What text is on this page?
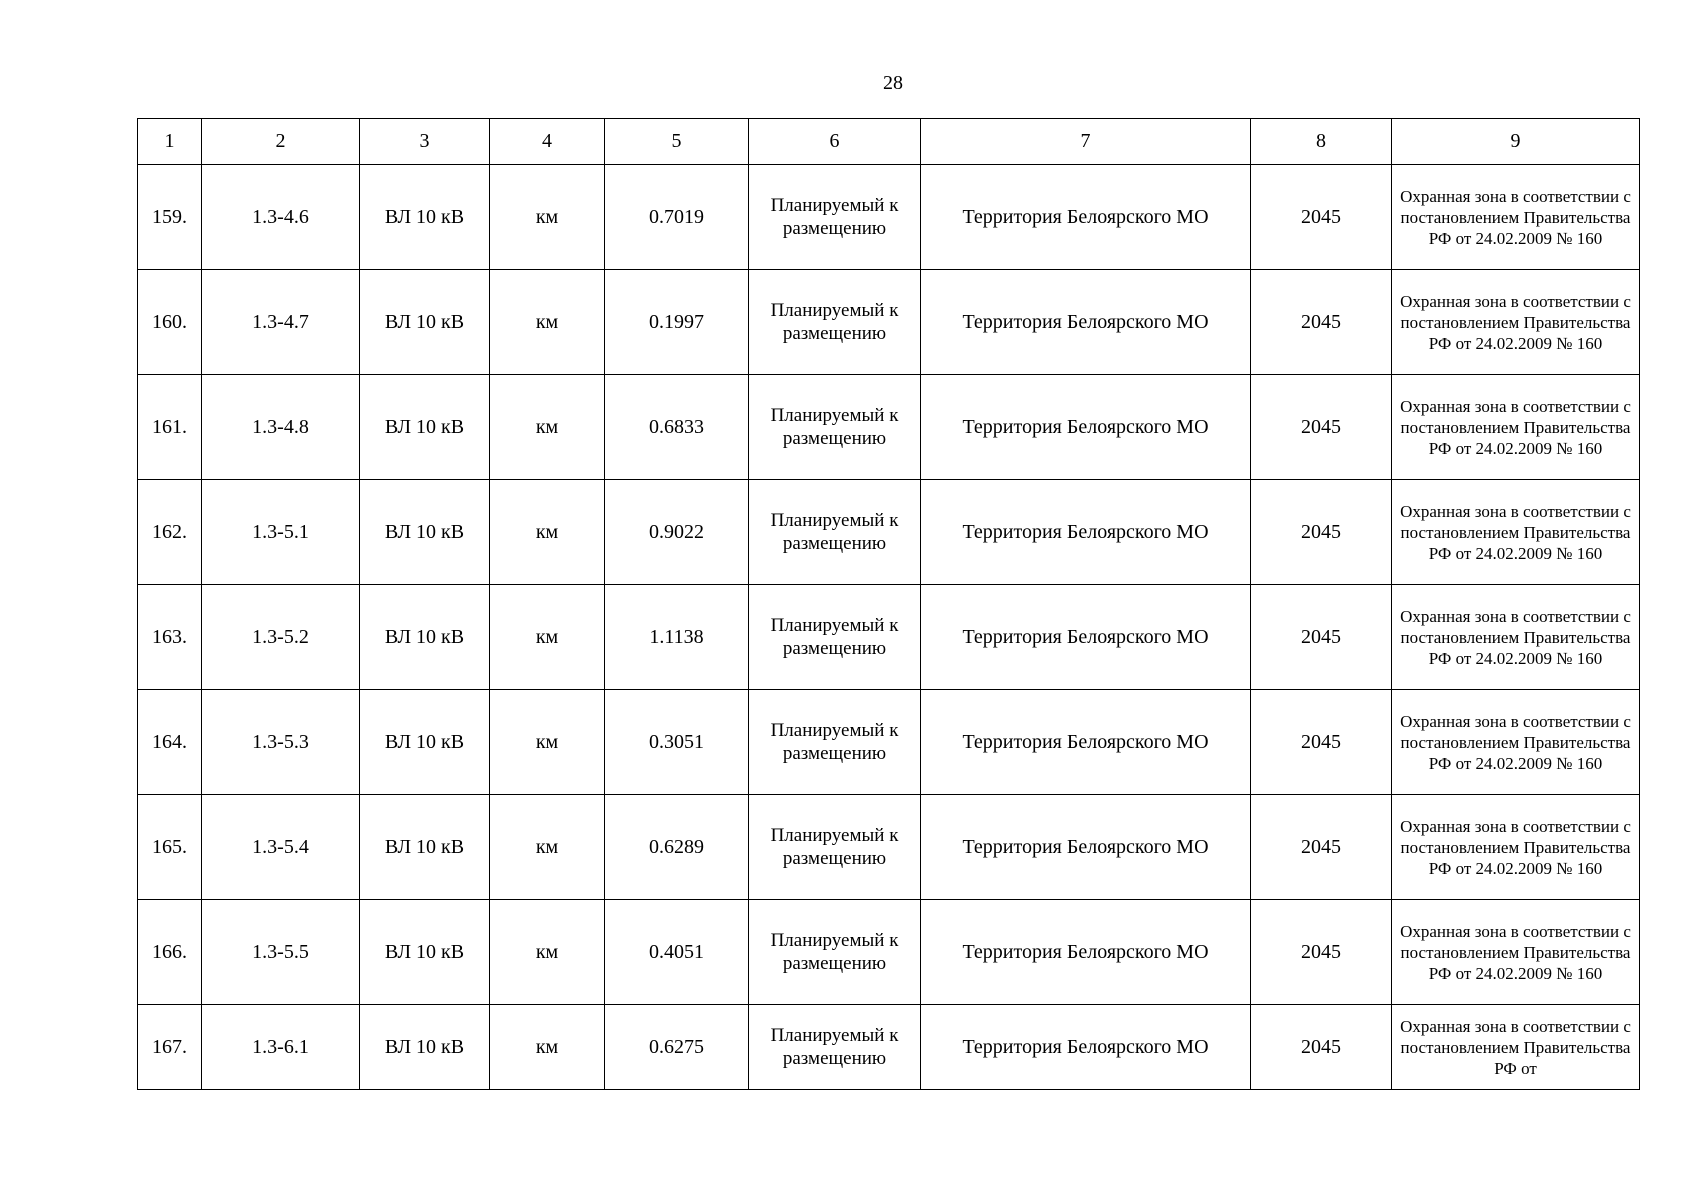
28
1	2	3	4	5	6	7	8	9
159.	1.3-4.6	ВЛ 10 кВ	км	0.7019	Планируемый к размещению	Территория Белоярского МО	2045	Охранная зона в соответствии с постановлением Правительства РФ от 24.02.2009 № 160
160.	1.3-4.7	ВЛ 10 кВ	км	0.1997	Планируемый к размещению	Территория Белоярского МО	2045	Охранная зона в соответствии с постановлением Правительства РФ от 24.02.2009 № 160
161.	1.3-4.8	ВЛ 10 кВ	км	0.6833	Планируемый к размещению	Территория Белоярского МО	2045	Охранная зона в соответствии с постановлением Правительства РФ от 24.02.2009 № 160
162.	1.3-5.1	ВЛ 10 кВ	км	0.9022	Планируемый к размещению	Территория Белоярского МО	2045	Охранная зона в соответствии с постановлением Правительства РФ от 24.02.2009 № 160
163.	1.3-5.2	ВЛ 10 кВ	км	1.1138	Планируемый к размещению	Территория Белоярского МО	2045	Охранная зона в соответствии с постановлением Правительства РФ от 24.02.2009 № 160
164.	1.3-5.3	ВЛ 10 кВ	км	0.3051	Планируемый к размещению	Территория Белоярского МО	2045	Охранная зона в соответствии с постановлением Правительства РФ от 24.02.2009 № 160
165.	1.3-5.4	ВЛ 10 кВ	км	0.6289	Планируемый к размещению	Территория Белоярского МО	2045	Охранная зона в соответствии с постановлением Правительства РФ от 24.02.2009 № 160
166.	1.3-5.5	ВЛ 10 кВ	км	0.4051	Планируемый к размещению	Территория Белоярского МО	2045	Охранная зона в соответствии с постановлением Правительства РФ от 24.02.2009 № 160
167.	1.3-6.1	ВЛ 10 кВ	км	0.6275	Планируемый к размещению	Территория Белоярского МО	2045	Охранная зона в соответствии с постановлением Правительства РФ от
